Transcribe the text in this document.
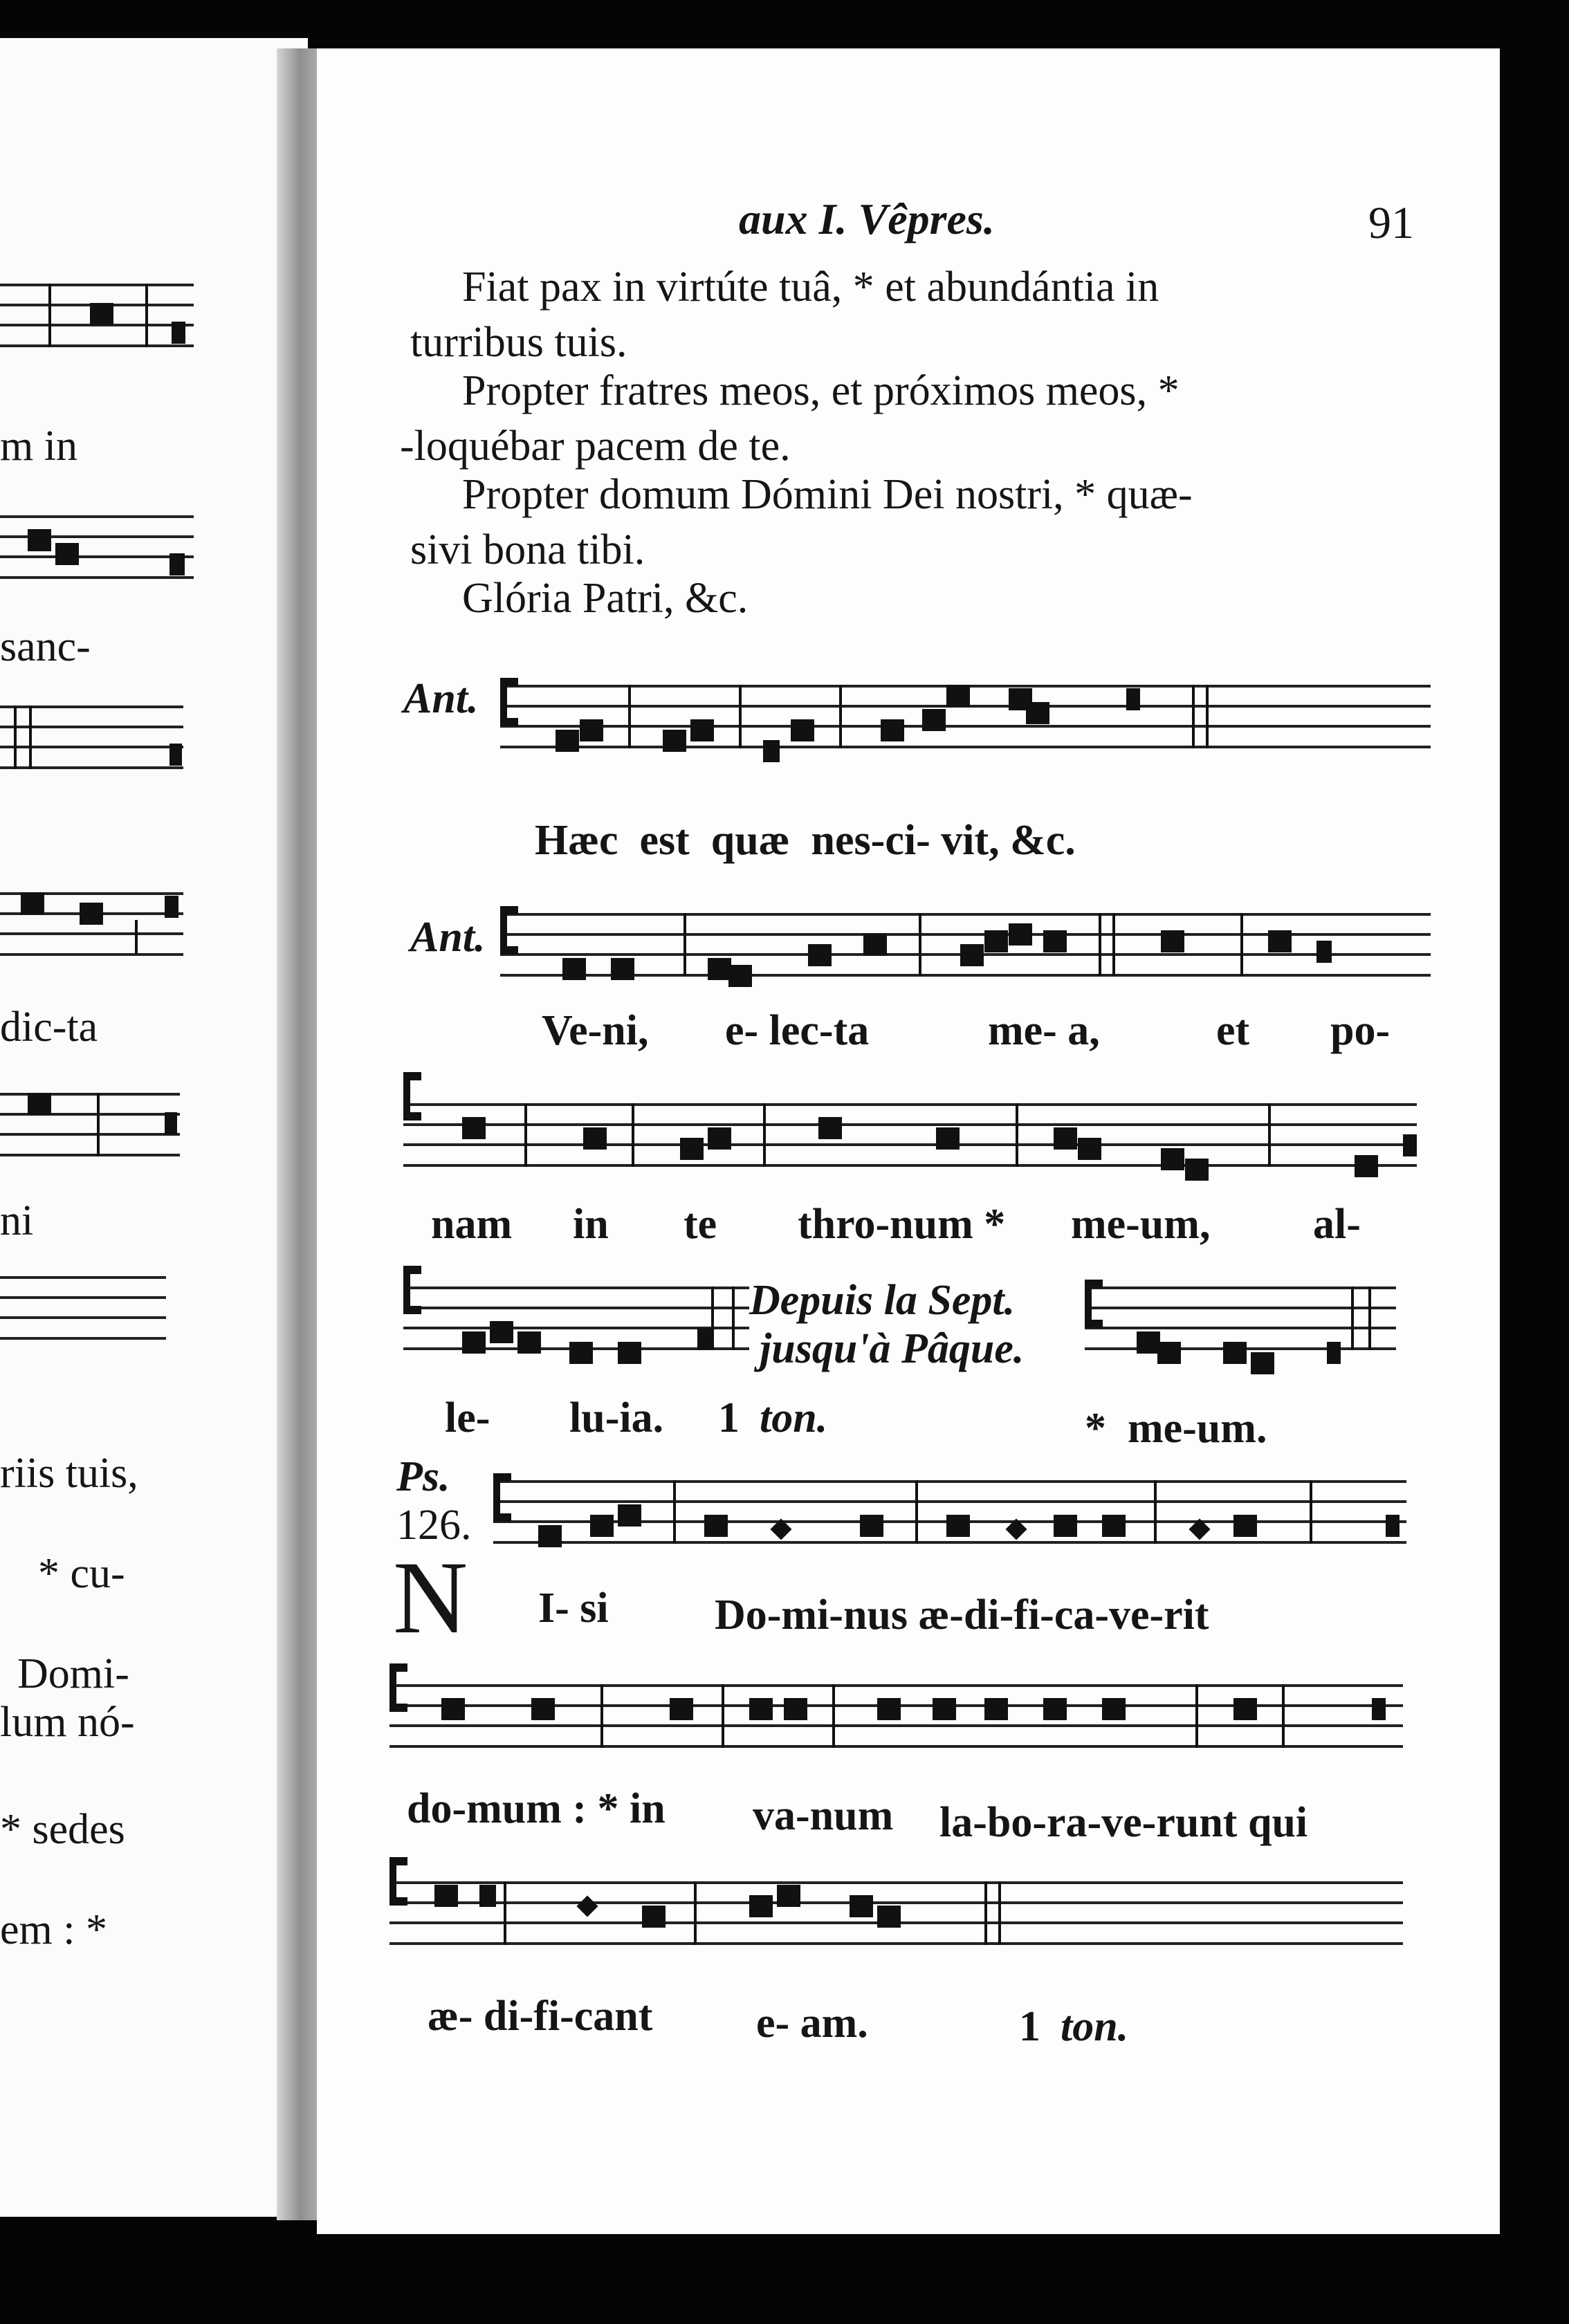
m in
sanc-
dic-ta
ni
riis tuis,
* cu-
Domi-
lum nó-
* sedes
em : *
aux I. Vêpres.	91
Fiat pax in virtúte tuâ, * et abundántia in
turribus tuis.
Propter fratres meos, et próximos meos, *
-loquébar pacem de te.
Propter domum Dómini Dei nostri, * quæ-
sivi bona tibi.
Glória Patri, &c.
Ant.
Hæc  est  quæ  nes-ci- vit, &c.
Ant.
Ve-ni, e- lec-ta	me- a,	et po-
nam in te thro-num * me-um, al-
Depuis la Sept.
jusqu'à Pâque.
le- lu-ia. 1 ton.	*  me-um.
Ps.
126.
N I- si Do-mi-nus æ-di-fi-ca-ve-rit
do-mum : * in va-num la-bo-ra-ve-runt qui
æ- di-fi-cant e- am.	1 ton.
